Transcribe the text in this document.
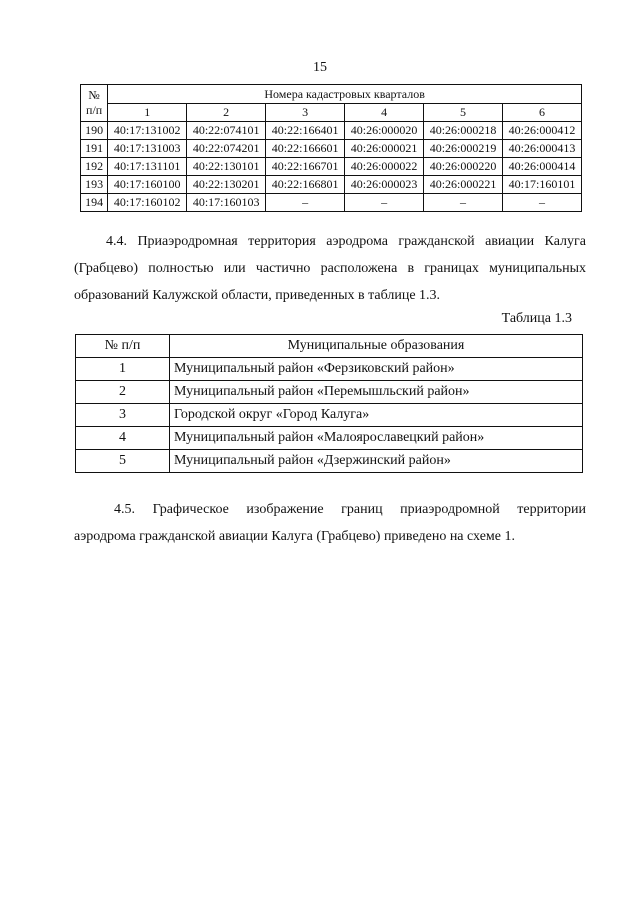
15
№
п/п	Номера кадастровых кварталов					
	1	2	3	4	5	6
190	40:17:131002	40:22:074101	40:22:166401	40:26:000020	40:26:000218	40:26:000412
191	40:17:131003	40:22:074201	40:22:166601	40:26:000021	40:26:000219	40:26:000413
192	40:17:131101	40:22:130101	40:22:166701	40:26:000022	40:26:000220	40:26:000414
193	40:17:160100	40:22:130201	40:22:166801	40:26:000023	40:26:000221	40:17:160101
194	40:17:160102	40:17:160103	–	–	–	–
4.4. Приаэродромная территория аэродрома гражданской авиации Калуга
(Грабцево) полностью или частично расположена в границах муниципальных
образований Калужской области, приведенных в таблице 1.3.
Таблица 1.3
№ п/п	Муниципальные образования
1	Муниципальный район «Ферзиковский район»
2	Муниципальный район «Перемышльский район»
3	Городской округ «Город Калуга»
4	Муниципальный район «Малоярославецкий район»
5	Муниципальный район «Дзержинский район»
4.5. Графическое изображение границ приаэродромной территории
аэродрома гражданской авиации Калуга (Грабцево) приведено на схеме 1.
